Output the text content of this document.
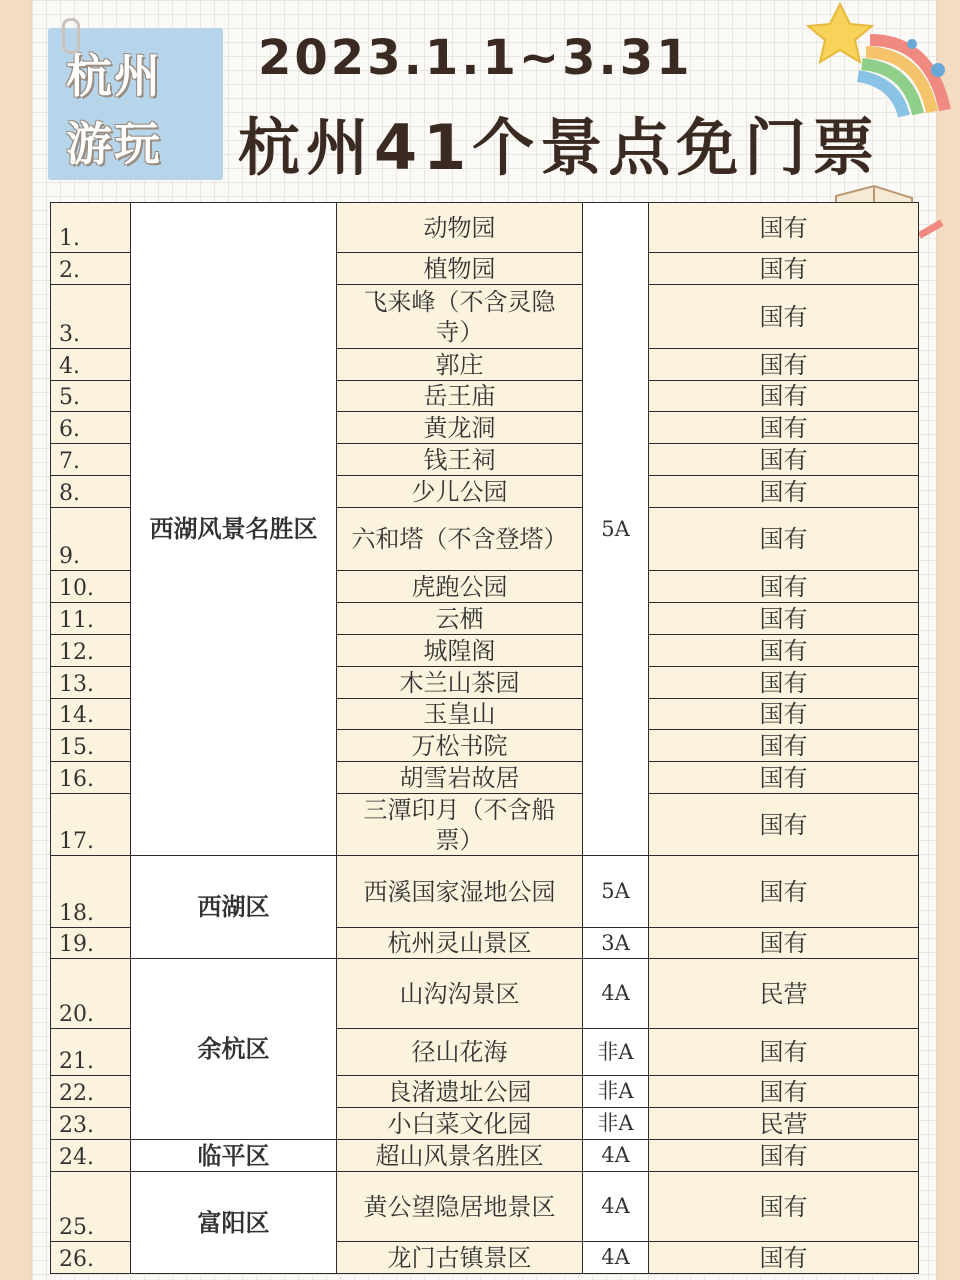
杭州
游玩
2023.1.1~3.31
杭州41个景点免门票
1.	西湖风景名胜区	动物园	5A	国有
2.		植物园		国有
3.		飞来峰（不含灵隐寺）		国有
4.		郭庄		国有
5.		岳王庙		国有
6.		黄龙洞		国有
7.		钱王祠		国有
8.		少儿公园		国有
9.		六和塔（不含登塔）		国有
10.		虎跑公园		国有
11.		云栖		国有
12.		城隍阁		国有
13.		木兰山茶园		国有
14.		玉皇山		国有
15.		万松书院		国有
16.		胡雪岩故居		国有
17.		三潭印月（不含船票）		国有
18.	西湖区	西溪国家湿地公园	5A	国有
19.		杭州灵山景区	3A	国有
20.	余杭区	山沟沟景区	4A	民营
21.		径山花海	非A	国有
22.		良渚遗址公园	非A	国有
23.		小白菜文化园	非A	民营
24.	临平区	超山风景名胜区	4A	国有
25.	富阳区	黄公望隐居地景区	4A	国有
26.		龙门古镇景区	4A	国有
